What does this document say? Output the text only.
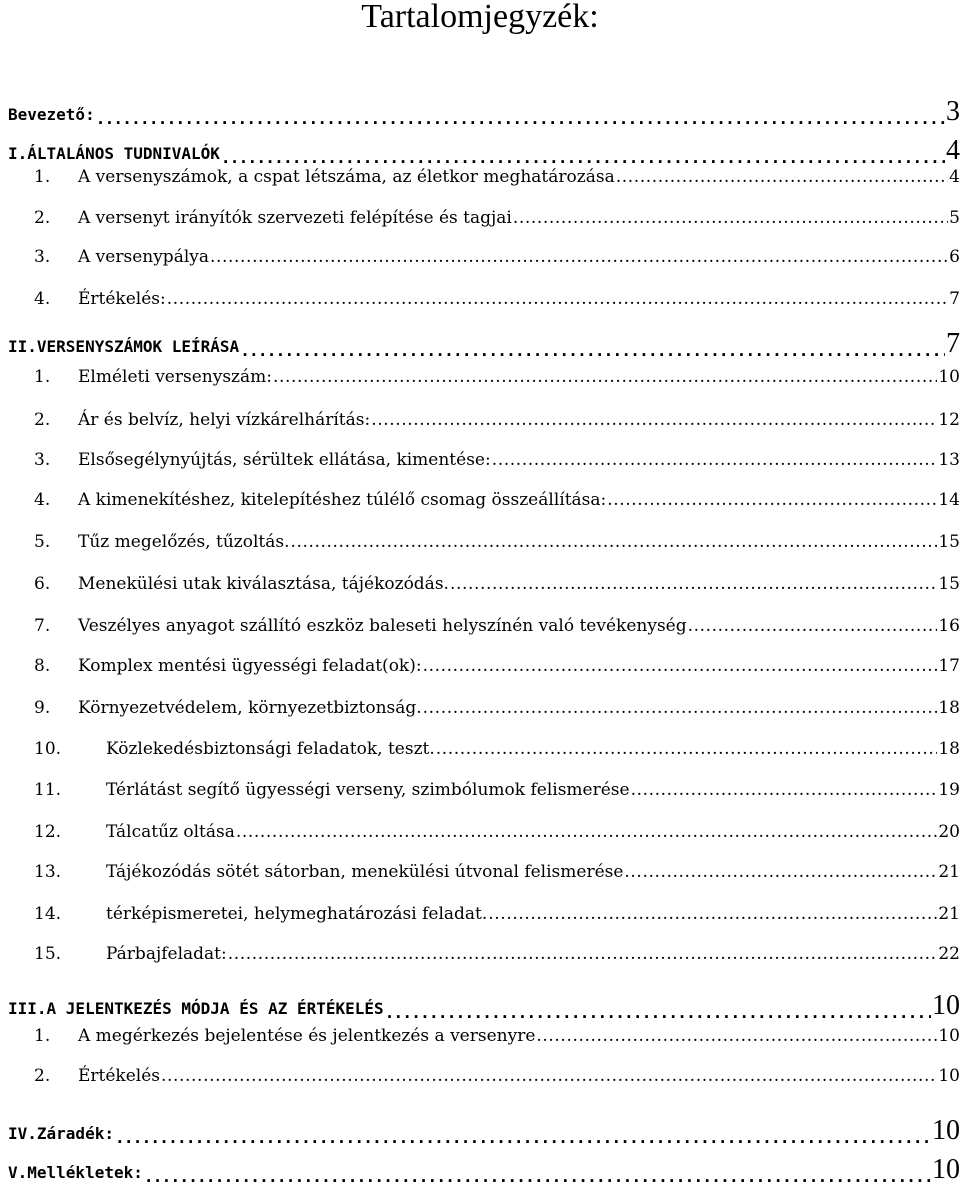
Tartalomjegyzék:
Bevezető: . . .	3
I.ÁLTALÁNOS TUDNIVALÓK . . .	4
1.	A versenyszámok, a cspat létszáma, az életkor meghatározása . . .	4
2.	A versenyt irányítók szervezeti felépítése és tagjai . . .	5
3.	A versenypálya . . .	6
4.	Értékelés: . . .	7
II.VERSENYSZÁMOK LEÍRÁSA . . .	7
1.	Elméleti versenyszám: . . .	10
2.	Ár és belvíz, helyi vízkárelhárítás: . . .	12
3.	Elsősegélynyújtás, sérültek ellátása, kimentése: . . .	13
4.	A kimenekítéshez, kitelepítéshez túlélő csomag összeállítása: . . .	14
5.	Tűz megelőzés, tűzoltás. . . .	15
6.	Menekülési utak kiválasztása, tájékozódás. . . .	15
7.	Veszélyes anyagot szállító eszköz baleseti helyszínén való tevékenység . . .	16
8.	Komplex mentési ügyességi feladat(ok): . . .	17
9.	Környezetvédelem, környezetbiztonság. . . .	18
10.	Közlekedésbiztonsági feladatok, teszt. . . .	18
11.	Térlátást segítő ügyességi verseny, szimbólumok felismerése . . .	19
12.	Tálcatűz oltása . . .	20
13.	Tájékozódás sötét sátorban, menekülési útvonal felismerése . . .	21
14.	térképismeretei, helymeghatározási feladat. . . .	21
15.	Párbajfeladat: . . .	22
III.A JELENTKEZÉS MÓDJA ÉS AZ ÉRTÉKELÉS . . .	10
1.	A megérkezés bejelentése és jelentkezés a versenyre . . .	10
2.	Értékelés . . .	10
IV.Záradék: . . .	10
V.Mellékletek: . . .	10
